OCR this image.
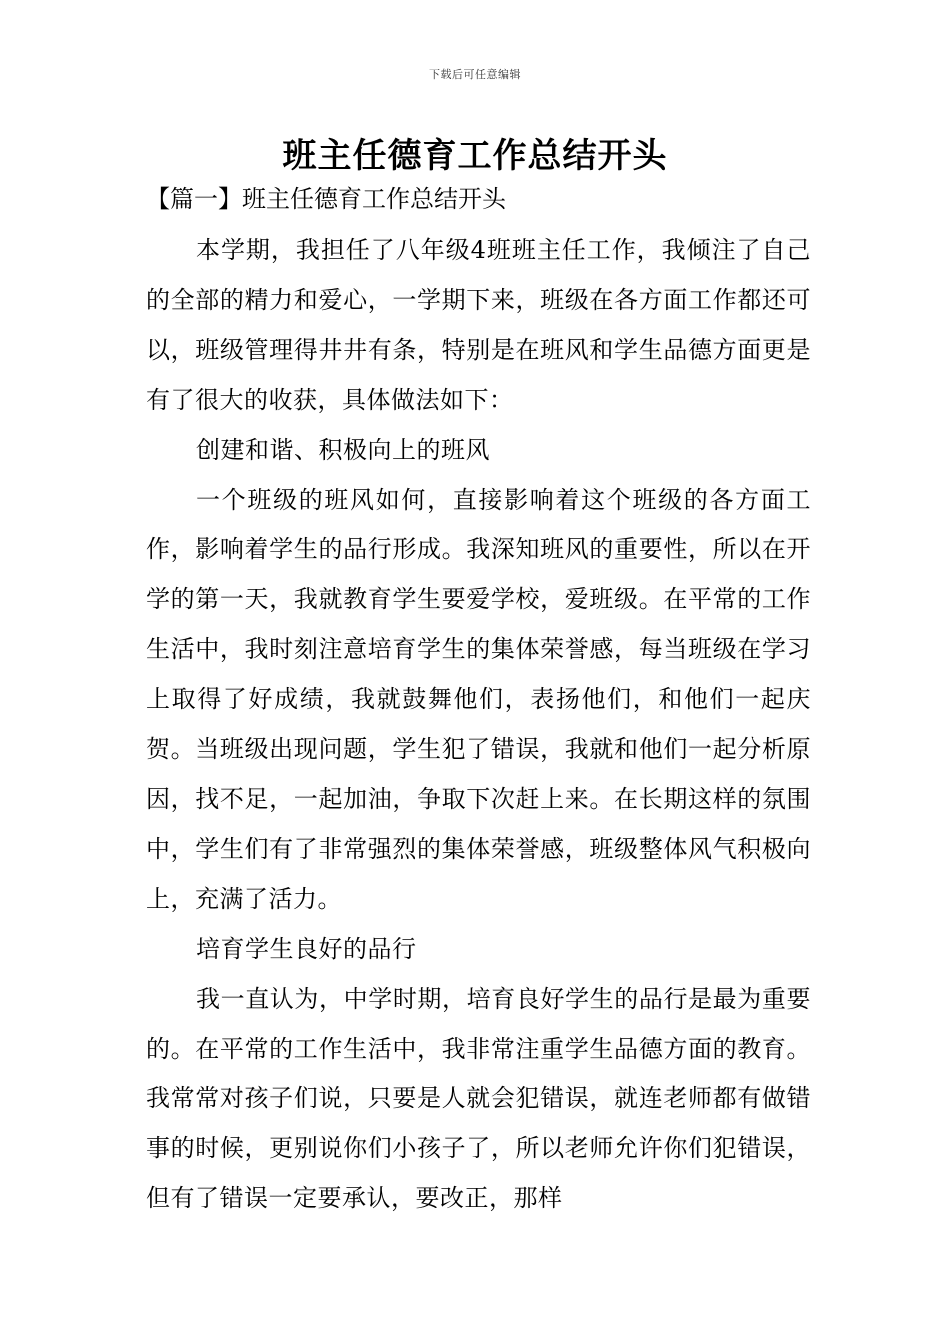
下载后可任意编辑
班主任德育工作总结开头
【篇一】班主任德育工作总结开头

本学期，我担任了八年级4班班主任工作，我倾注了自己的全部的精力和爱心，一学期下来，班级在各方面工作都还可以，班级管理得井井有条，特别是在班风和学生品德方面更是有了很大的收获，具体做法如下：

创建和谐、积极向上的班风

一个班级的班风如何，直接影响着这个班级的各方面工作，影响着学生的品行形成。我深知班风的重要性，所以在开学的第一天，我就教育学生要爱学校，爱班级。在平常的工作生活中，我时刻注意培育学生的集体荣誉感，每当班级在学习上取得了好成绩，我就鼓舞他们，表扬他们，和他们一起庆贺。当班级出现问题，学生犯了错误，我就和他们一起分析原因，找不足，一起加油，争取下次赶上来。在长期这样的氛围中，学生们有了非常强烈的集体荣誉感，班级整体风气积极向上，充满了活力。

培育学生良好的品行

我一直认为，中学时期，培育良好学生的品行是最为重要的。在平常的工作生活中，我非常注重学生品德方面的教育。我常常对孩子们说，只要是人就会犯错误，就连老师都有做错事的时候，更别说你们小孩子了，所以老师允许你们犯错误，但有了错误一定要承认，要改正，那样
